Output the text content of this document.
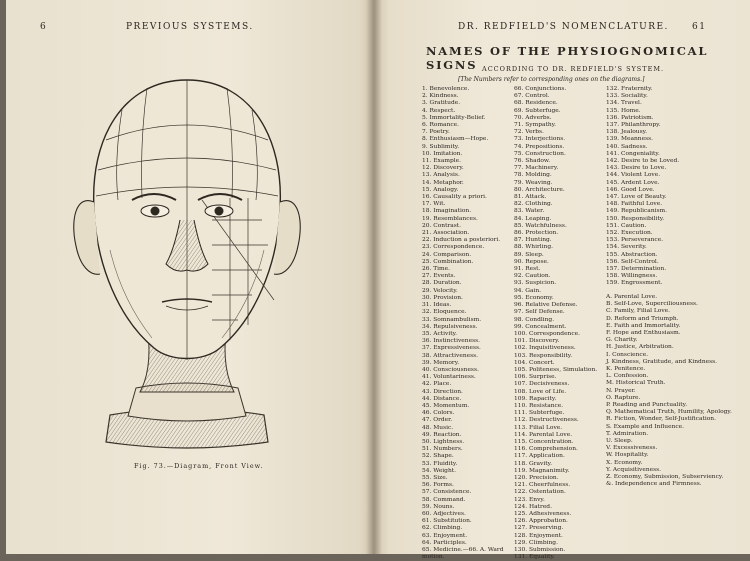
6	PREVIOUS SYSTEMS.	DR. REDFIELD'S NOMENCLATURE.	61
Fig. 73.—Diagram, Front View.
NAMES OF THE PHYSIOGNOMICAL SIGNS ACCORDING TO DR. REDFIELD'S SYSTEM.
[The Numbers refer to corresponding ones on the diagrams.]
1. Benevolence.
2. Kindness.
3. Gratitude.
4. Respect.
5. Immortality-Belief.
6. Romance.
7. Poetry.
8. Enthusiasm—Hope.
9. Sublimity.
10. Imitation.
11. Example.
12. Discovery.
13. Analysis.
14. Metaphor.
15. Analogy.
16. Causality a priori.
17. Wit.
18. Imagination.
19. Resemblances.
20. Contrast.
21. Association.
22. Induction a posteriori.
23. Correspondence.
24. Comparison.
25. Combination.
26. Time.
27. Events.
28. Duration.
29. Velocity.
30. Provision.
31. Ideas.
32. Eloquence.
33. Somnambulism.
34. Repulsiveness.
35. Activity.
36. Instinctiveness.
37. Expressiveness.
38. Attractiveness.
39. Memory.
40. Consciousness.
41. Voluntariness.
42. Place.
43. Direction.
44. Distance.
45. Momentum.
46. Colors.
47. Order.
48. Music.
49. Reaction.
50. Lightness.
51. Numbers.
52. Shape.
53. Fluidity.
54. Weight.
55. Size.
56. Forms.
57. Consistence.
58. Command.
59. Nouns.
60. Adjectives.
61. Substitution.
62. Climbing.
63. Enjoyment.
64. Participles.
65. Medicine.—66. A. Ward
motion.
66. Conjunctions.
67. Control.
68. Residence.
69. Subterfuge.
70. Adverbs.
71. Sympathy.
72. Verbs.
73. Interjections.
74. Prepositions.
75. Construction.
76. Shadow.
77. Machinery.
78. Molding.
79. Weaving.
80. Architecture.
81. Attack.
82. Clothing.
83. Water.
84. Leaping.
85. Watchfulness.
86. Protection.
87. Hunting.
88. Whirling.
89. Sleep.
90. Repose.
91. Rest.
92. Caution.
93. Suspicion.
94. Gain.
95. Economy.
96. Relative Defense.
97. Self Defense.
98. Condling.
99. Concealment.
100. Correspondence.
101. Discovery.
102. Inquisitiveness.
103. Responsibility.
104. Concert.
105. Politeness, Simulation.
106. Surprise.
107. Decisiveness.
108. Love of Life.
109. Rapacity.
110. Resistance.
111. Subterfuge.
112. Destructiveness.
113. Filial Love.
114. Parental Love.
115. Concentration.
116. Comprehension.
117. Application.
118. Gravity.
119. Magnanimity.
120. Precision.
121. Cheerfulness.
122. Ostentation.
123. Envy.
124. Hatred.
125. Adhesiveness.
126. Approbation.
127. Preserving.
128. Enjoyment.
129. Climbing.
130. Submission.
131. Equality.
132. Fraternity.
133. Sociality.
134. Travel.
135. Home.
136. Patriotism.
137. Philanthropy.
138. Jealousy.
139. Meanness.
140. Sadness.
141. Congeniality.
142. Desire to be Loved.
143. Desire to Love.
144. Violent Love.
145. Ardent Love.
146. Good Love.
147. Love of Beauty.
148. Faithful Love.
149. Republicanism.
150. Responsibility.
151. Caution.
152. Execution.
153. Perseverance.
154. Severity.
155. Abstraction.
156. Self-Control.
157. Determination.
158. Willingness.
159. Engrossment.
A. Parental Love.
B. Self-Love, Superciliousness.
C. Family, Filial Love.
D. Reform and Triumph.
E. Faith and Immortality.
F. Hope and Enthusiasm.
G. Charity.
H. Justice, Arbitration.
I. Conscience.
J. Kindness, Gratitude, and Kindness.
K. Penitence.
L. Confession.
M. Historical Truth.
N. Prayer.
O. Rapture.
P. Reading and Punctuality.
Q. Mathematical Truth, Humility, Apology.
R. Fiction, Wonder, Self-Justification.
S. Example and Influence.
T. Admiration.
U. Sleep.
V. Excessiveness.
W. Hospitality.
X. Economy.
Y. Acquisitiveness.
Z. Economy, Submission, Subserviency.
&. Independence and Firmness.
